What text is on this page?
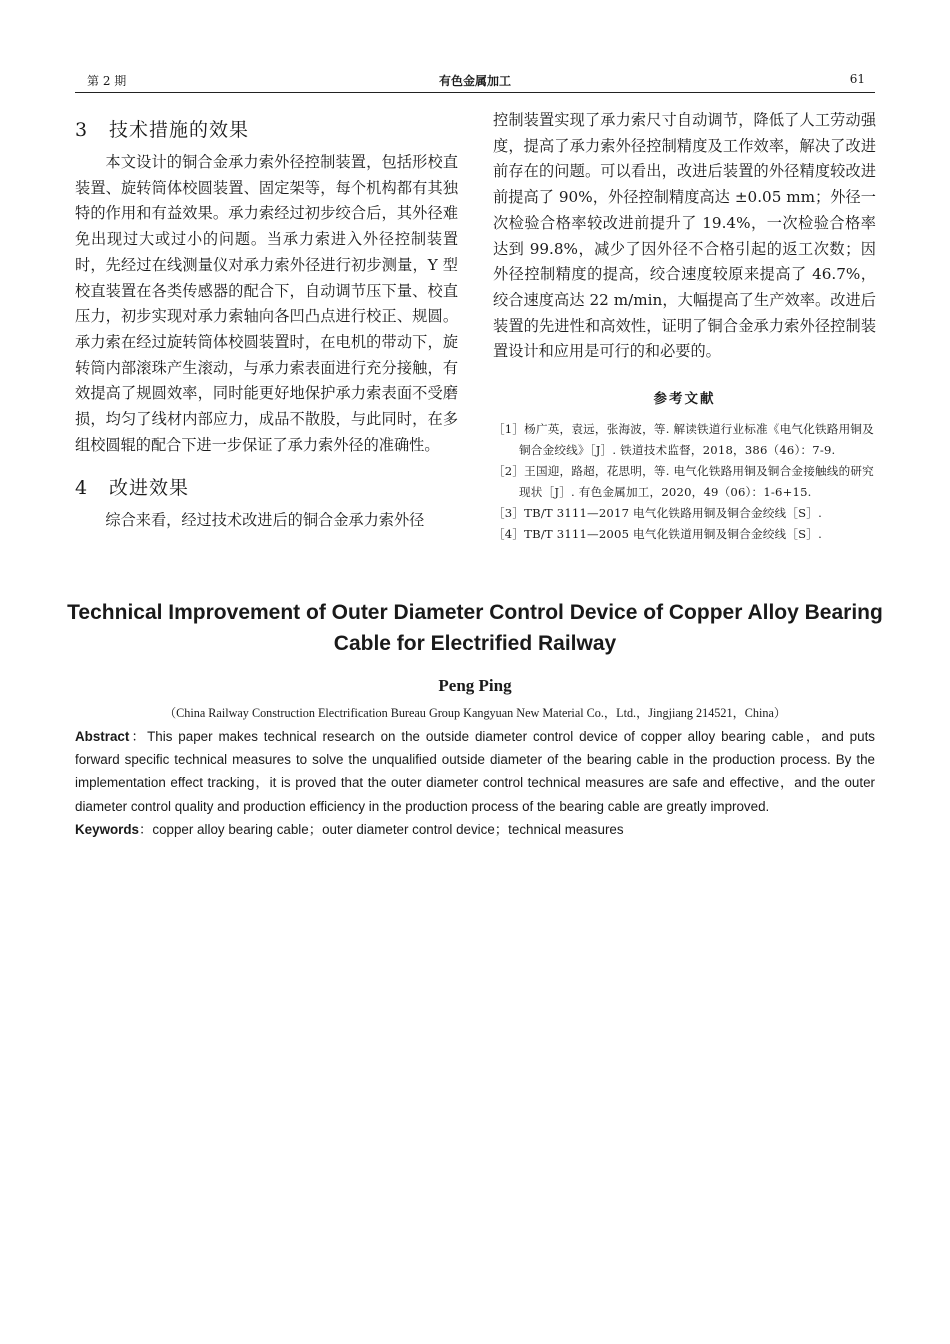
第 2 期	有色金属加工	61
3 技术措施的效果

本文设计的铜合金承力索外径控制装置，包括形校直装置、旋转筒体校圆装置、固定架等，每个机构都有其独特的作用和有益效果。承力索经过初步绞合后，其外径难免出现过大或过小的问题。当承力索进入外径控制装置时，先经过在线测量仪对承力索外径进行初步测量，Y 型校直装置在各类传感器的配合下，自动调节压下量、校直压力，初步实现对承力索轴向各凹凸点进行校正、规圆。承力索在经过旋转筒体校圆装置时，在电机的带动下，旋转筒内部滚珠产生滚动，与承力索表面进行充分接触，有效提高了规圆效率，同时能更好地保护承力索表面不受磨损，均匀了线材内部应力，成品不散股，与此同时，在多组校圆辊的配合下进一步保证了承力索外径的准确性。

4 改进效果

综合来看，经过技术改进后的铜合金承力索外径

控制装置实现了承力索尺寸自动调节，降低了人工劳动强度，提高了承力索外径控制精度及工作效率，解决了改进前存在的问题。可以看出，改进后装置的外径精度较改进前提高了 90%，外径控制精度高达 ±0.05 mm；外径一次检验合格率较改进前提升了 19.4%，一次检验合格率达到 99.8%，减少了因外径不合格引起的返工次数；因外径控制精度的提高，绞合速度较原来提高了 46.7%，绞合速度高达 22 m/min，大幅提高了生产效率。改进后装置的先进性和高效性，证明了铜合金承力索外径控制装置设计和应用是可行的和必要的。

参考文献
［1］杨广英，袁远，张海波，等. 解读铁道行业标准《电气化铁路用铜及铜合金绞线》［J］. 铁道技术监督，2018，386（46）：7-9.
［2］王国迎，路超，花思明，等. 电气化铁路用铜及铜合金接触线的研究现状［J］. 有色金属加工，2020，49（06）：1-6+15.
［3］TB/T 3111—2017 电气化铁路用铜及铜合金绞线［S］.
［4］TB/T 3111—2005 电气化铁道用铜及铜合金绞线［S］.
Technical Improvement of Outer Diameter Control Device of Copper Alloy Bearing Cable for Electrified Railway
Peng Ping
（China Railway Construction Electrification Bureau Group Kangyuan New Material Co.，Ltd.，Jingjiang 214521，China）
Abstract：This paper makes technical research on the outside diameter control device of copper alloy bearing cable，and puts forward specific technical measures to solve the unqualified outside diameter of the bearing cable in the production process. By the implementation effect tracking，it is proved that the outer diameter control technical measures are safe and effective，and the outer diameter control quality and production efficiency in the production process of the bearing cable are greatly improved.
Keywords：copper alloy bearing cable；outer diameter control device；technical measures
